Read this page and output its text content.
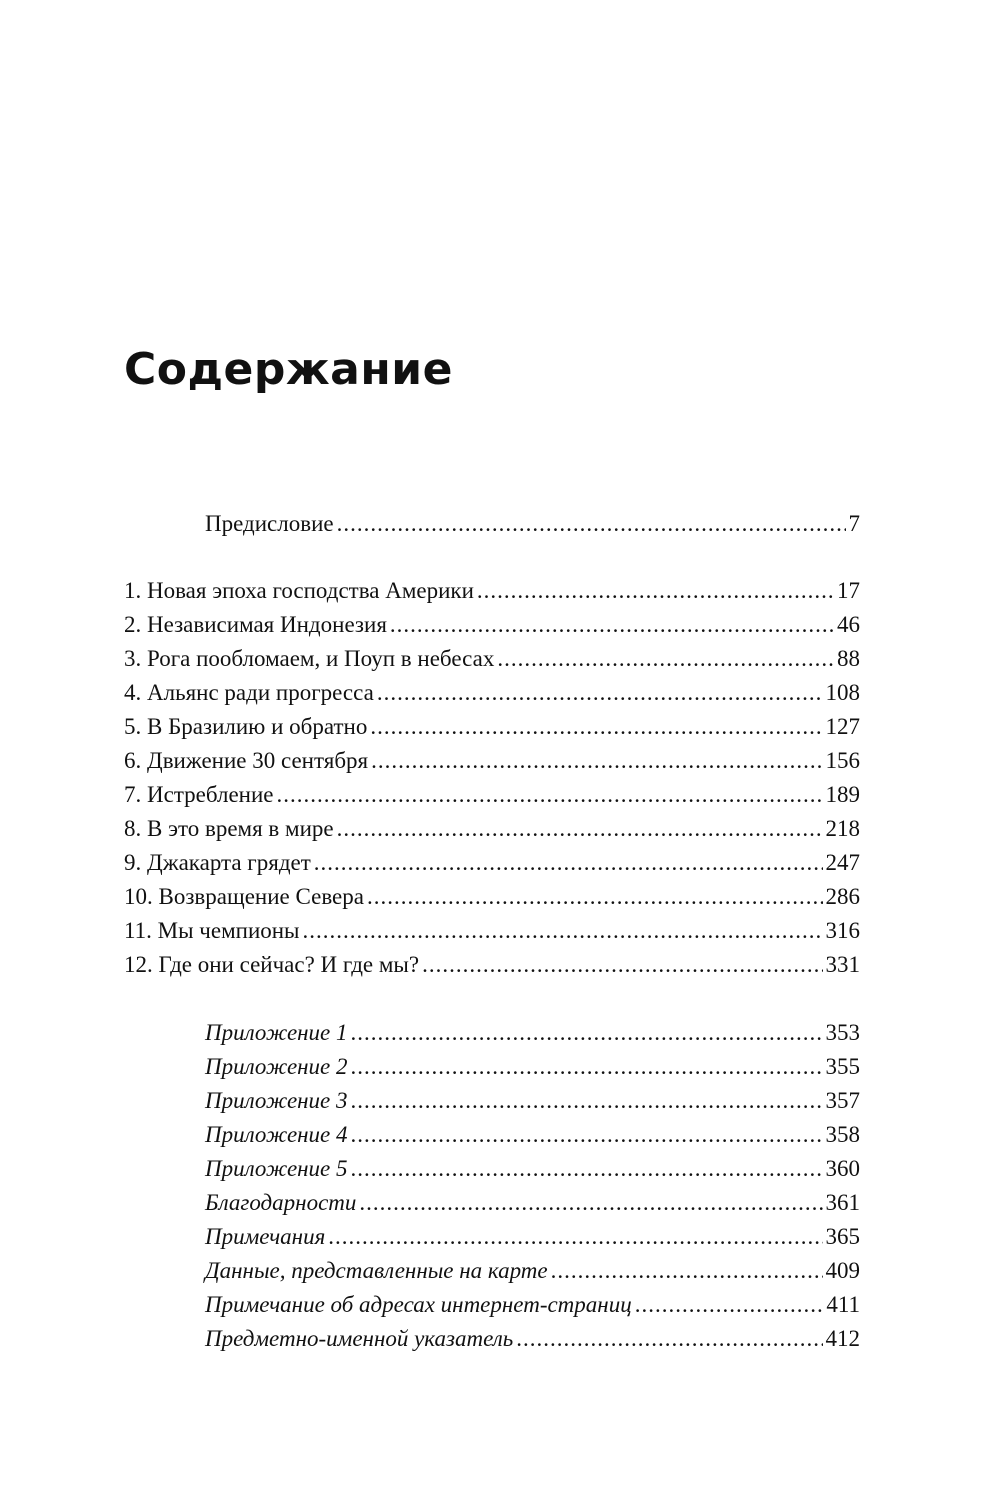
Содержание
Предисловие .....	7
1. Новая эпоха господства Америки .....	17
2. Независимая Индонезия .....	46
3. Рога пообломаем, и Поуп в небесах .....	88
4. Альянс ради прогресса .....	108
5. В Бразилию и обратно .....	127
6. Движение 30 сентября .....	156
7. Истребление .....	189
8. В это время в мире .....	218
9. Джакарта грядет .....	247
10. Возвращение Севера .....	286
11. Мы чемпионы .....	316
12. Где они сейчас? И где мы? .....	331
Приложение 1 .....	353
Приложение 2 .....	355
Приложение 3 .....	357
Приложение 4 .....	358
Приложение 5 .....	360
Благодарности .....	361
Примечания .....	365
Данные, представленные на карте .....	409
Примечание об адресах интернет-страниц .....	411
Предметно-именной указатель .....	412
